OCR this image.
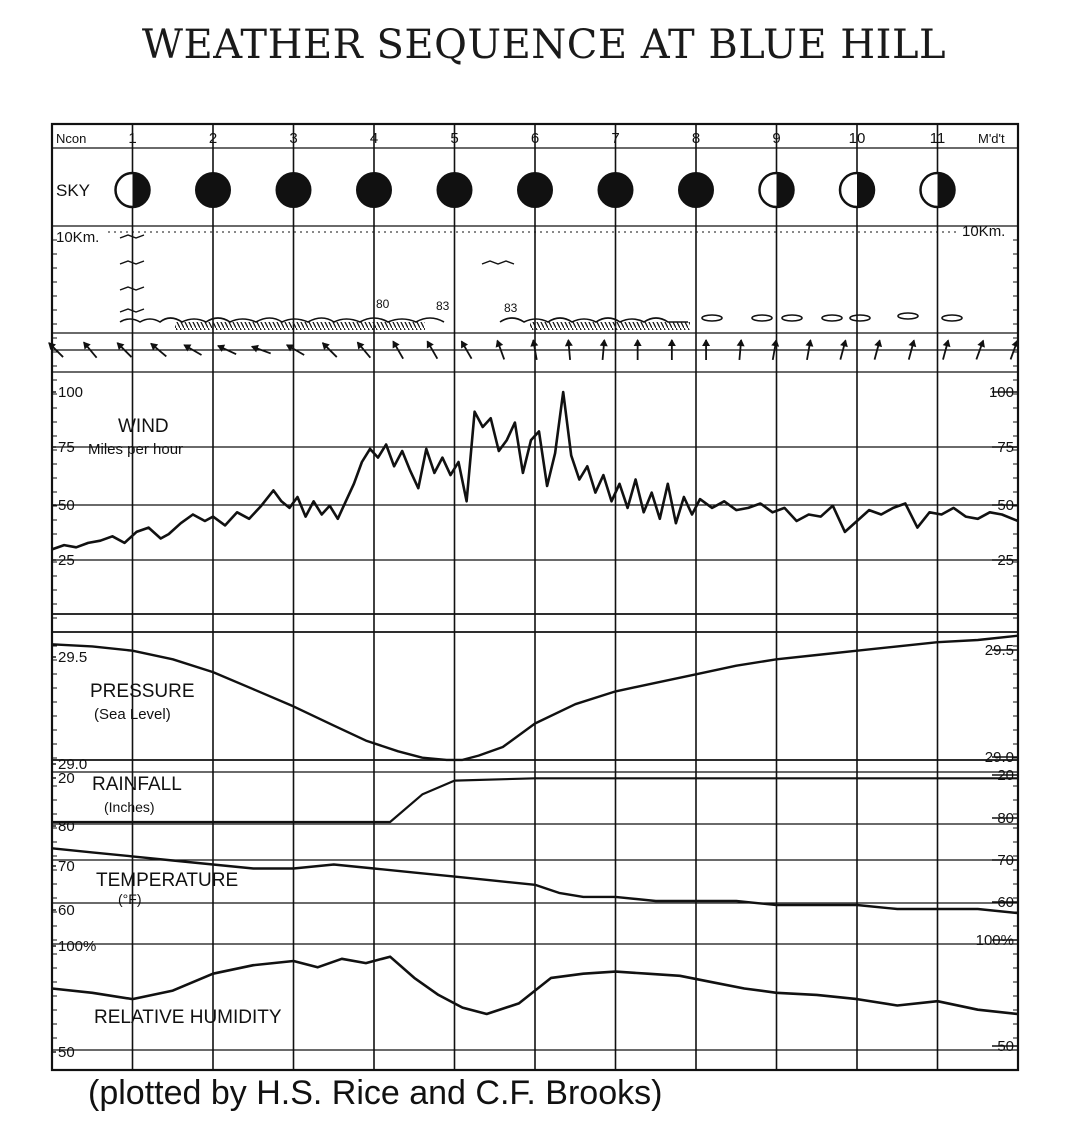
WEATHER SEQUENCE AT BLUE HILL
SKY
WIND
Miles per hour
PRESSURE
(Sea Level)
RAINFALL
(Inches)
TEMPERATURE
(°F)
RELATIVE HUMIDITY
10Km.	10Km.
Ncon	M'd't
80	83	83
1	2	3	4	5	6	7	8	9	10	11
100
75
50
25
100
75
50
25
29.5
29.0
29.5
29.0
20	20
80
70
60
80
70
60
100%
50
100%
50
(plotted by H.S. Rice and C.F. Brooks)
